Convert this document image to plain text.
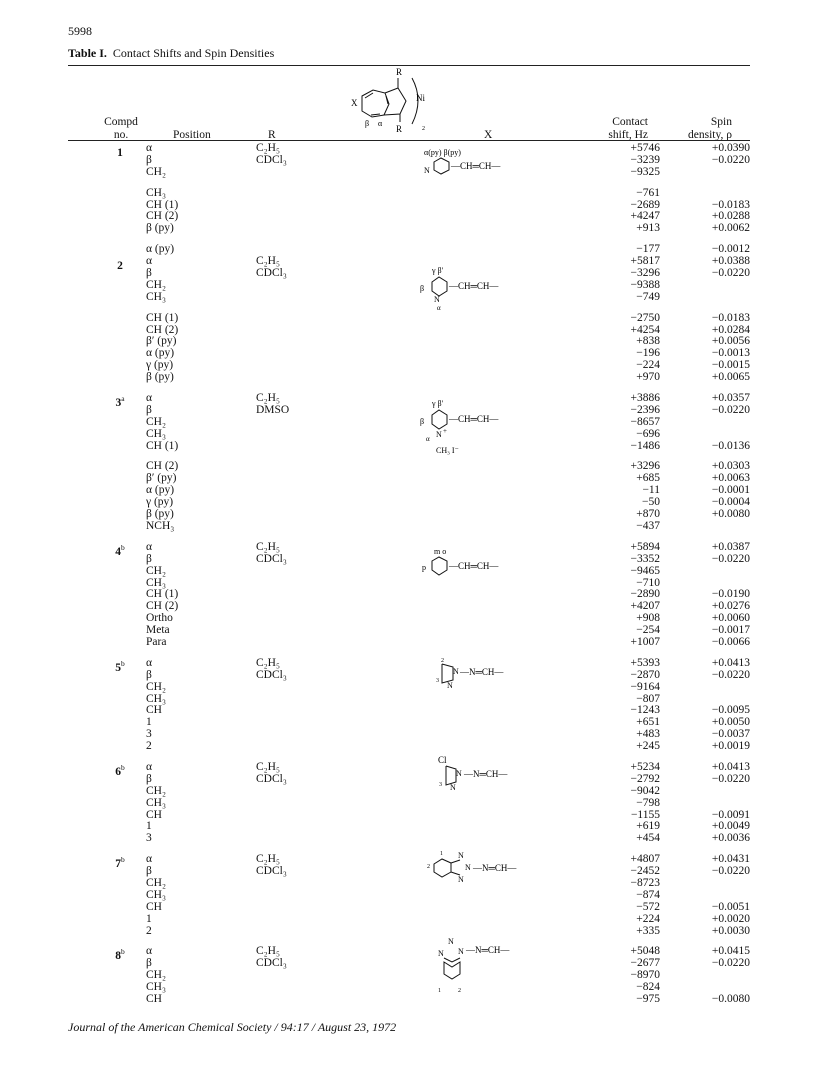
5998
Table I. Contact Shifts and Spin Densities
Compd
no.	Position	R	X
Contact
shift, Hz
Spin
density, ρ
R
X	Ni
β α
R	2
1	α	C₂H₅	+5746	+0.0390
β	CDCl₃	−3239	−0.0220
CH₂	−9325
CH₃	−761
CH (1)	−2689	−0.0183
CH (2)	+4247	+0.0288
β (py)	+913	+0.0062
α (py)	−177	−0.0012
2	α	C₂H₅	+5817	+0.0388
β	CDCl₃	−3296	−0.0220
CH₂	−9388
CH₃	−749
CH (1)	−2750	−0.0183
CH (2)	+4254	+0.0284
β′ (py)	+838	+0.0056
α (py)	−196	−0.0013
γ (py)	−224	−0.0015
β (py)	+970	+0.0065
3$^a$	α	C₂H₅	+3886	+0.0357
β	DMSO	−2396	−0.0220
CH₂	−8657
CH₃	−696
CH (1)	−1486	−0.0136
CH (2)	+3296	+0.0303
β′ (py)	+685	+0.0063
α (py)	−11	−0.0001
γ (py)	−50	−0.0004
β (py)	+870	+0.0080
NCH₃	−437
4$^b$	α	C₂H₅	+5894	+0.0387
β	CDCl₃	−3352	−0.0220
CH₂	−9465
CH₃	−710
CH (1)	−2890	−0.0190
CH (2)	+4207	+0.0276
Ortho	+908	+0.0060
Meta	−254	−0.0017
Para	+1007	−0.0066
5$^b$	α	C₂H₅	+5393	+0.0413
β	CDCl₃	−2870	−0.0220
CH₂	−9164
CH₃	−807
CH	−1243	−0.0095
1	+651	+0.0050
3	+483	−0.0037
2	+245	+0.0019
6$^b$	α	C₂H₅	+5234	+0.0413
β	CDCl₃	−2792	−0.0220
CH₂	−9042
CH₃	−798
CH	−1155	−0.0091
1	+619	+0.0049
3	+454	+0.0036
7$^b$	α	C₂H₅	+4807	+0.0431
β	CDCl₃	−2452	−0.0220
CH₂	−8723
CH₃	−874
CH	−572	−0.0051
1	+224	+0.0020
2	+335	+0.0030
8$^b$	α	C₂H₅	+5048	+0.0415
β	CDCl₃	−2677	−0.0220
CH₂	−8970
CH₃	−824
CH	−975	−0.0080
α(py) β(py)
N —CH═CH—
γ β′
β
N
α
—CH═CH—
γ β′
β
N +
α
CH₃ I⁻
—CH═CH—
m o
p	—CH═CH—
N
N
2
3
—N═CH—
Cl
N
N
3
—N═CH—
N
N
N
1
2	—N═CH—
N
N N
1	2
—N═CH—
Journal of the American Chemical Society / 94:17 / August 23, 1972
